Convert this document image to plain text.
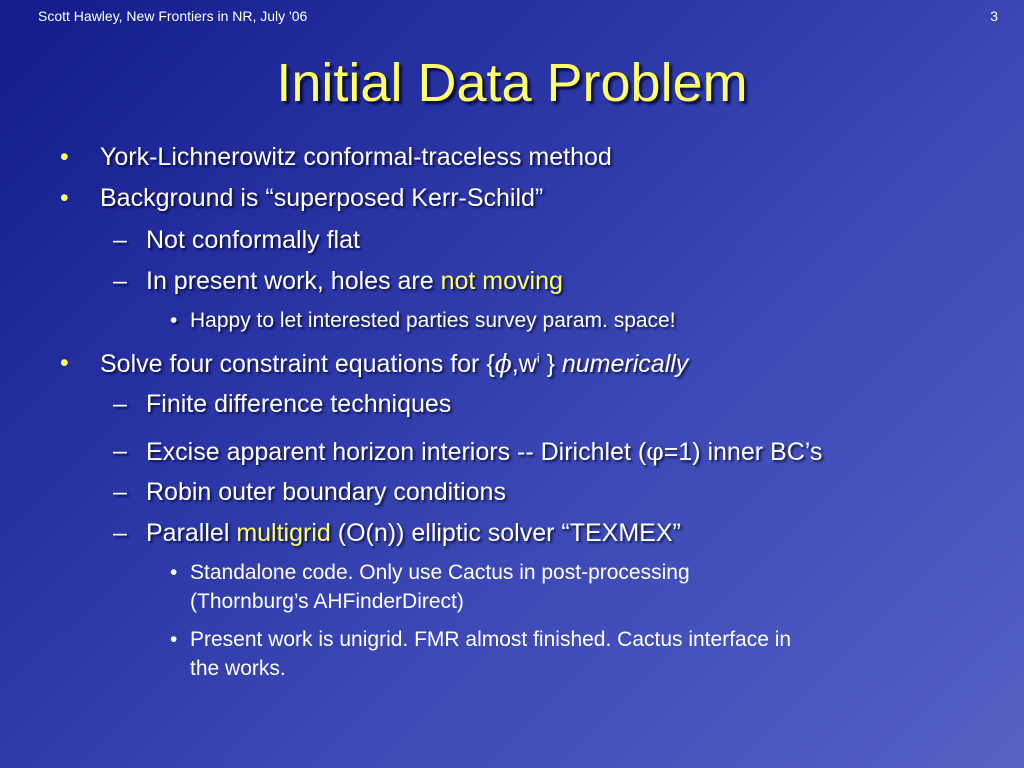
Scott Hawley, New Frontiers in NR, July '06	3
Initial Data Problem
• York-Lichnerowitz conformal-traceless method
• Background is “superposed Kerr-Schild”
– Not conformally flat
– In present work, holes are not moving
• Happy to let interested parties survey param. space!
• Solve four constraint equations for {$\phi,w^i$ } numerically
– Finite difference techniques
– Excise apparent horizon interiors -- Dirichlet (φ=1) inner BC’s
– Robin outer boundary conditions
– Parallel multigrid (O(n)) elliptic solver “TEXMEX”
• Standalone code. Only use Cactus in post-processing
(Thornburg’s AHFinderDirect)
• Present work is unigrid. FMR almost finished. Cactus interface in
the works.
